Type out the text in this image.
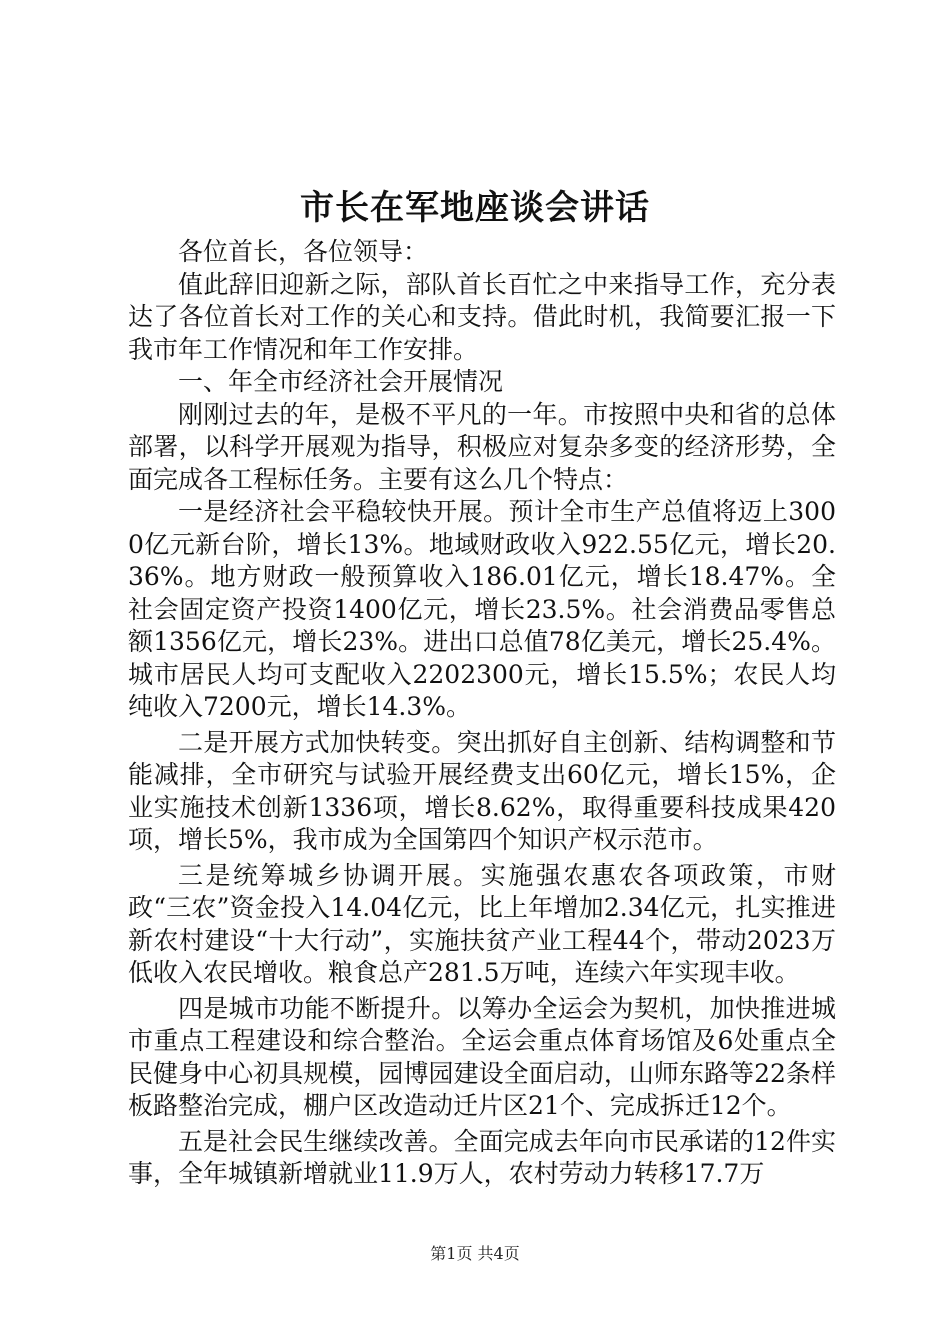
市长在军地座谈会讲话

各位首长，各位领导：

值此辞旧迎新之际，部队首长百忙之中来指导工作，充分表达了各位首长对工作的关心和支持。借此时机，我简要汇报一下我市年工作情况和年工作安排。

一、年全市经济社会开展情况

刚刚过去的年，是极不平凡的一年。市按照中央和省的总体部署，以科学开展观为指导，积极应对复杂多变的经济形势，全面完成各工程标任务。主要有这么几个特点：

一是经济社会平稳较快开展。预计全市生产总值将迈上3000亿元新台阶，增长13%。地域财政收入922.55亿元，增长20.36%。地方财政一般预算收入186.01亿元，增长18.47%。全社会固定资产投资1400亿元，增长23.5%。社会消费品零售总额1356亿元，增长23%。进出口总值78亿美元，增长25.4%。城市居民人均可支配收入2202300元，增长15.5%；农民人均纯收入7200元，增长14.3%。

二是开展方式加快转变。突出抓好自主创新、结构调整和节能减排，全市研究与试验开展经费支出60亿元，增长15%，企业实施技术创新1336项，增长8.62%，取得重要科技成果420项，增长5%，我市成为全国第四个知识产权示范市。

三是统筹城乡协调开展。实施强农惠农各项政策，市财政“三农”资金投入14.04亿元，比上年增加2.34亿元，扎实推进新农村建设“十大行动”，实施扶贫产业工程44个，带动2023万低收入农民增收。粮食总产281.5万吨，连续六年实现丰收。

四是城市功能不断提升。以筹办全运会为契机，加快推进城市重点工程建设和综合整治。全运会重点体育场馆及6处重点全民健身中心初具规模，园博园建设全面启动，山师东路等22条样板路整治完成，棚户区改造动迁片区21个、完成拆迁12个。

五是社会民生继续改善。全面完成去年向市民承诺的12件实事，全年城镇新增就业11.9万人，农村劳动力转移17.7万

第1页 共4页
